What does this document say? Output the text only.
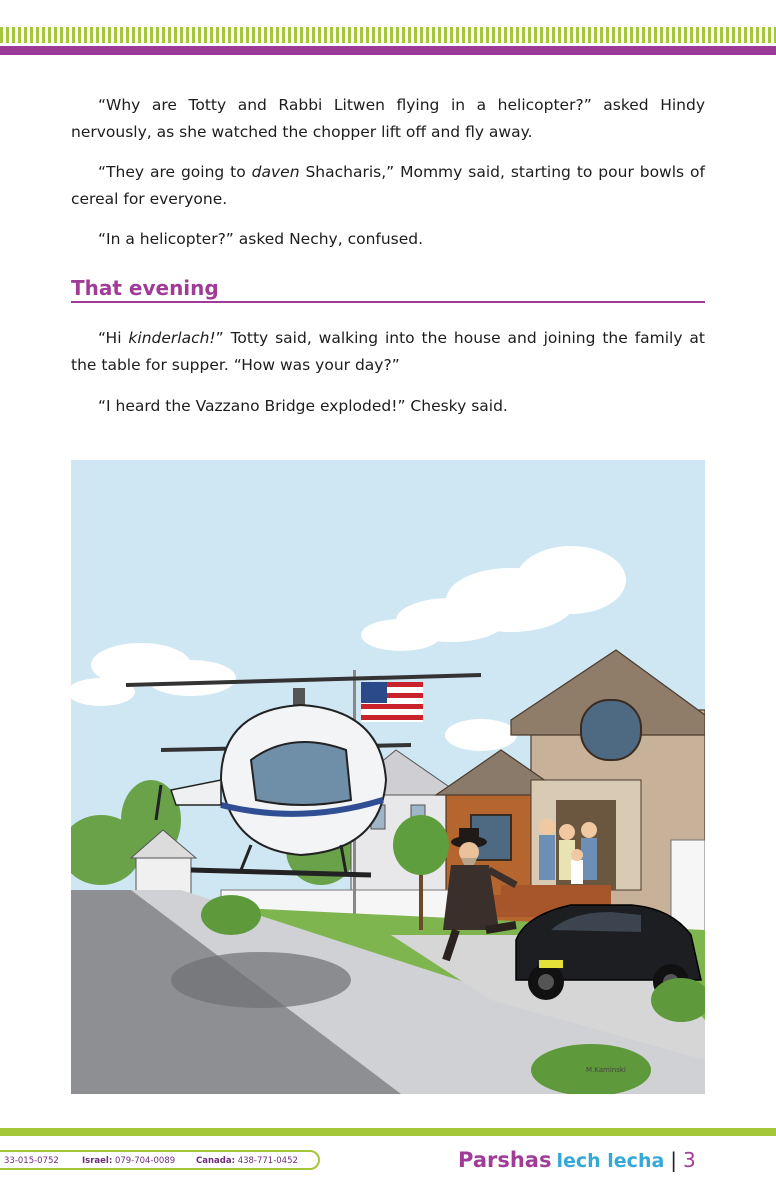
“Why are Totty and Rabbi Litwen flying in a helicopter?” asked Hindy nervously, as she watched the chopper lift off and fly away.

“They are going to daven Shacharis,” Mommy said, starting to pour bowls of cereal for everyone.

“In a helicopter?” asked Nechy, confused.

That evening

“Hi kinderlach!” Totty said, walking into the house and joining the family at the table for supper. “How was your day?”

“I heard the Vazzano Bridge exploded!” Chesky said.

M.Kaminski
33-015-0752	Israel: 079-704-0089 Canada: 438-771-0452	Parshas lech lecha | 3
